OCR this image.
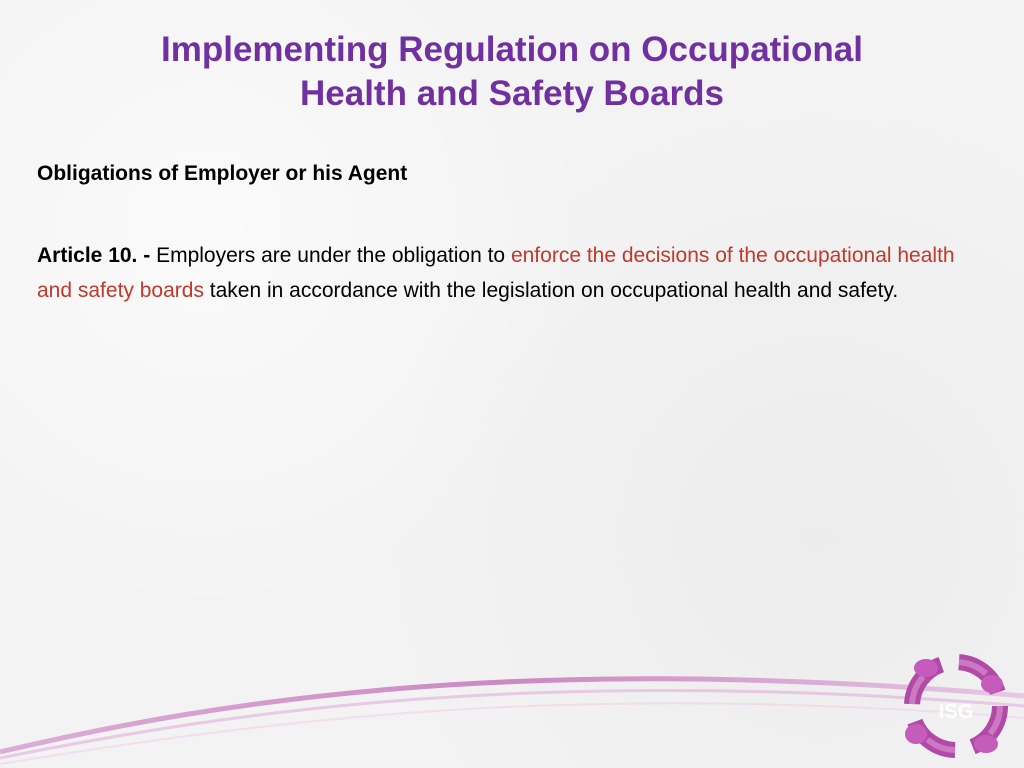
Implementing Regulation on Occupational
Health and Safety Boards
Obligations of Employer or his Agent
Article 10. - Employers are under the obligation to enforce the decisions of the occupational health and safety boards taken in accordance with the legislation on occupational health and safety.
ISG
